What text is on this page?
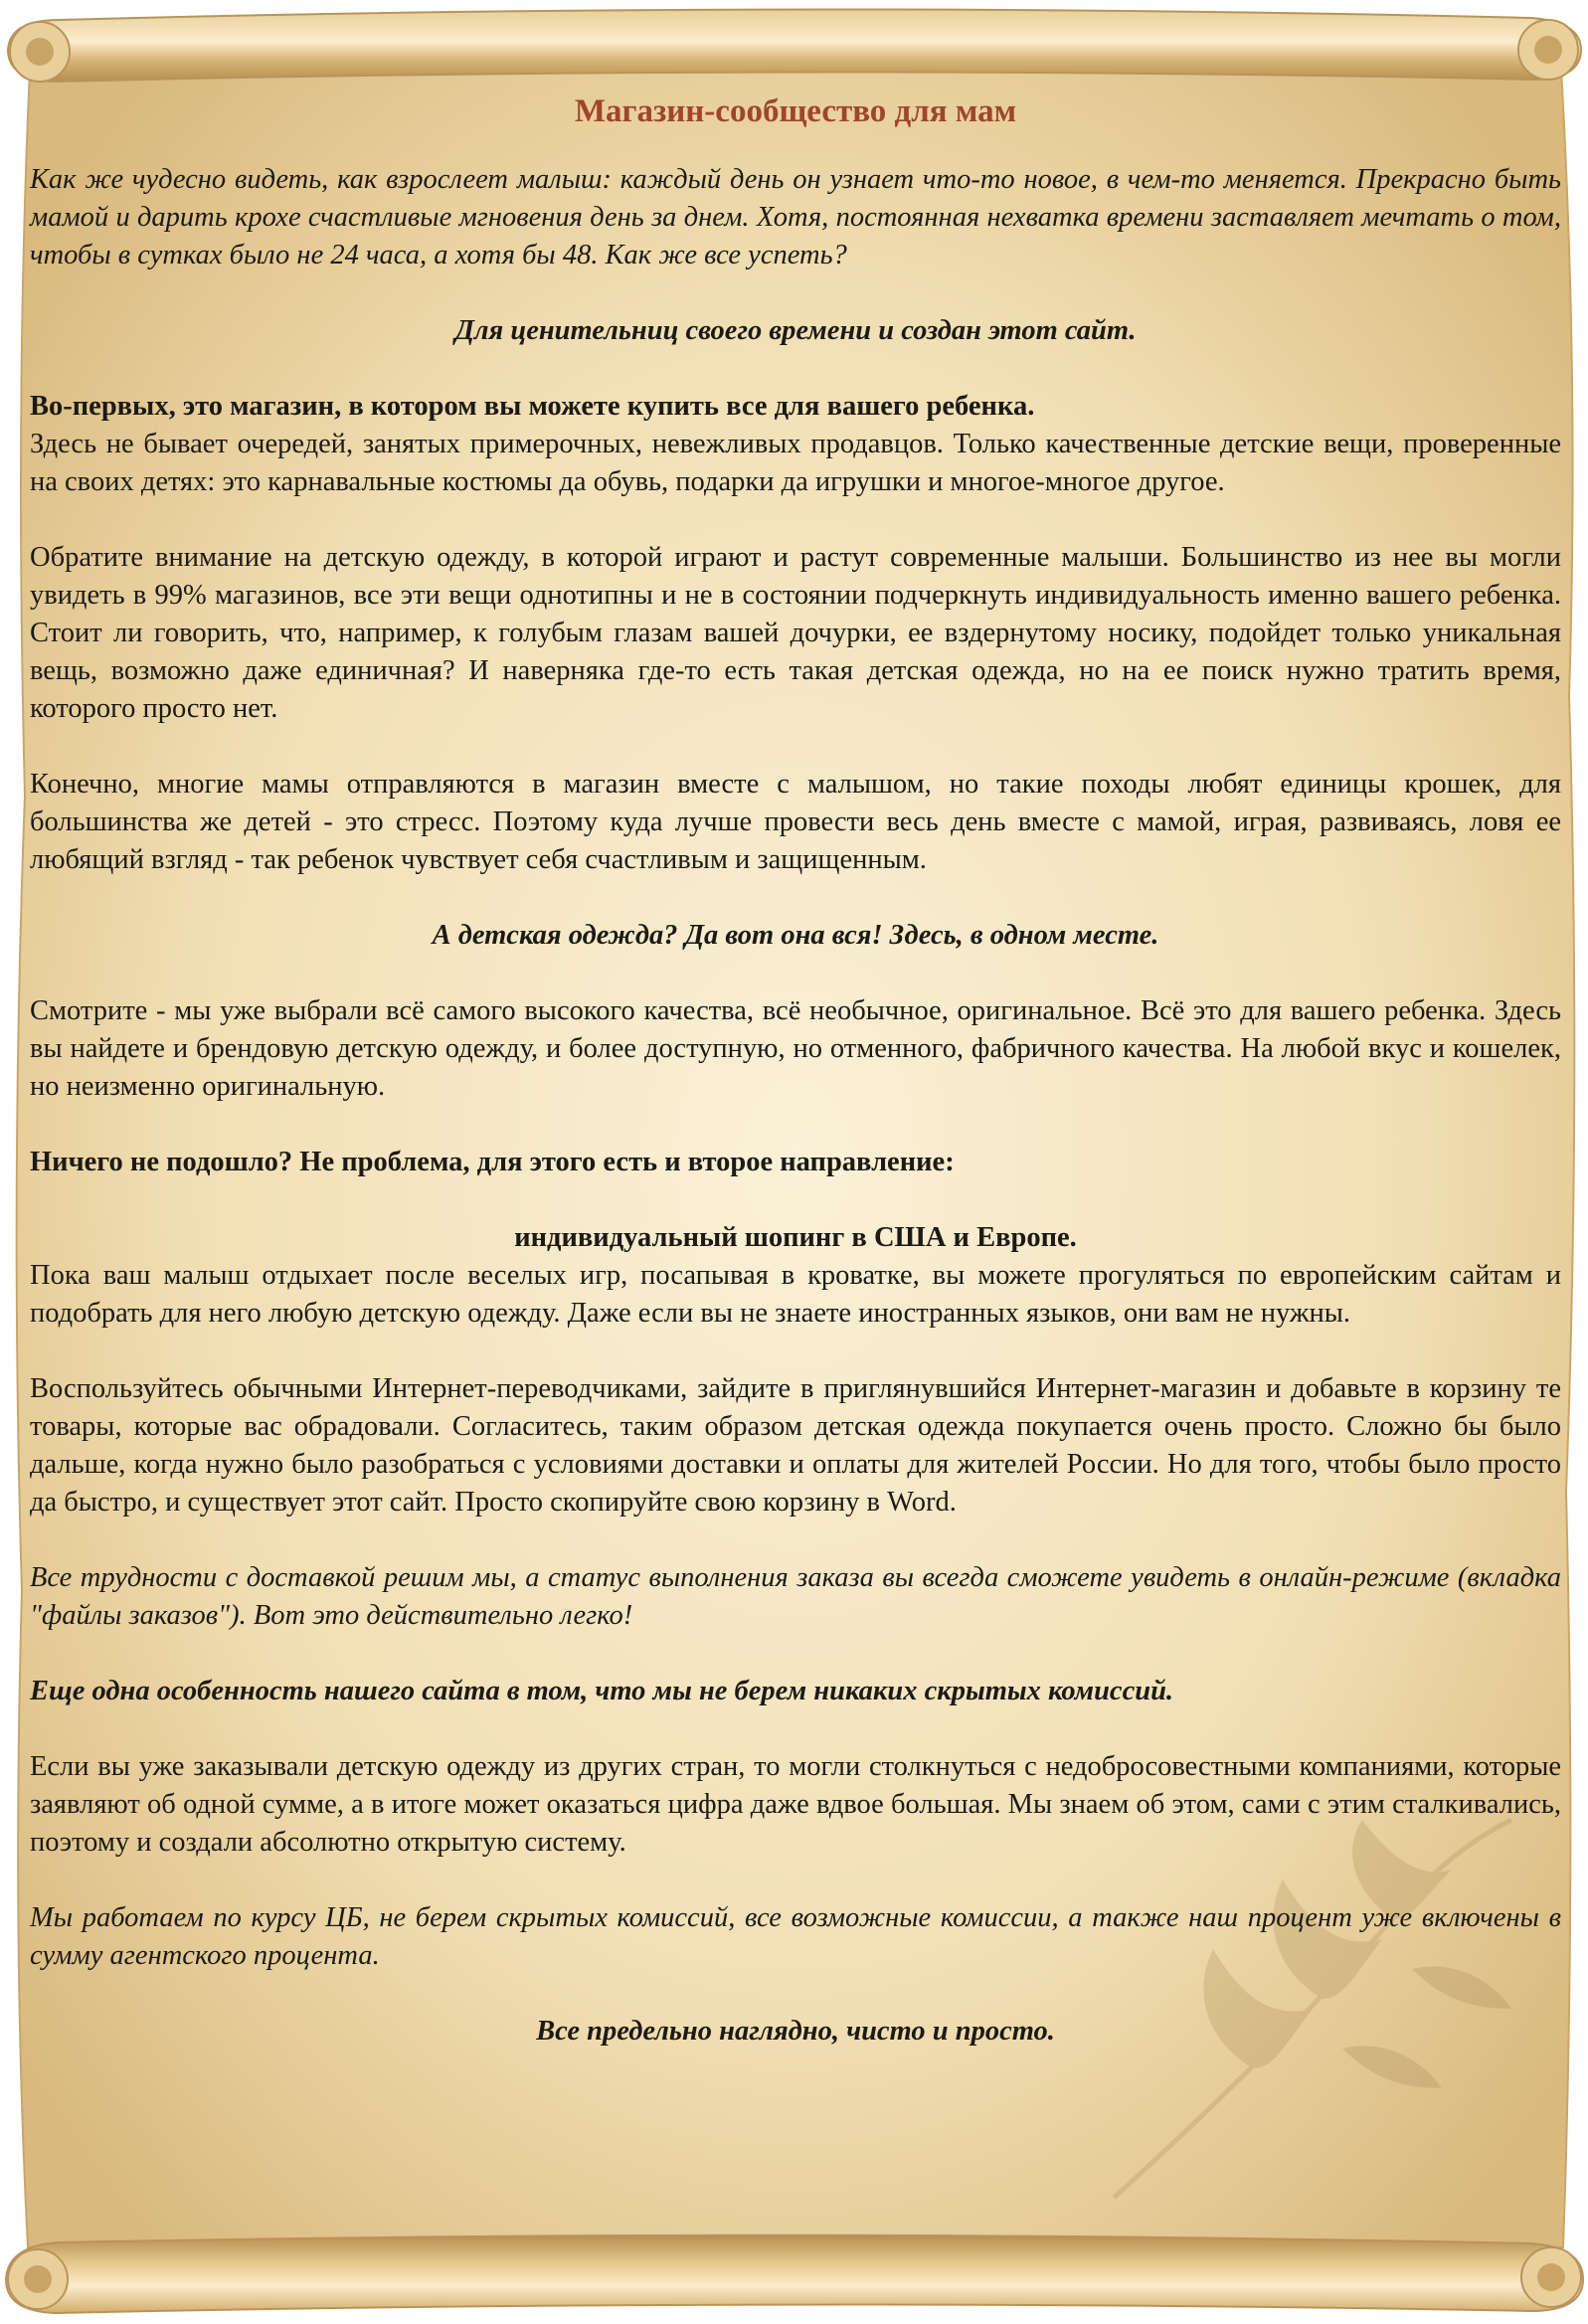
Магазин-сообщество для мам

Как же чудесно видеть, как взрослеет малыш: каждый день он узнает что-то новое, в чем-то меняется. Прекрасно быть мамой и дарить крохе счастливые мгновения день за днем. Хотя, постоянная нехватка времени заставляет мечтать о том, чтобы в сутках было не 24 часа, а хотя бы 48. Как же все успеть?

Для ценительниц своего времени и создан этот сайт.

Во-первых, это магазин, в котором вы можете купить все для вашего ребенка.

Здесь не бывает очередей, занятых примерочных, невежливых продавцов. Только качественные детские вещи, проверенные на своих детях: это карнавальные костюмы да обувь, подарки да игрушки и многое-многое другое.

Обратите внимание на детскую одежду, в которой играют и растут современные малыши. Большинство из нее вы могли увидеть в 99% магазинов, все эти вещи однотипны и не в состоянии подчеркнуть индивидуальность именно вашего ребенка. Стоит ли говорить, что, например, к голубым глазам вашей дочурки, ее вздернутому носику, подойдет только уникальная вещь, возможно даже единичная? И наверняка где-то есть такая детская одежда, но на ее поиск нужно тратить время, которого просто нет.

Конечно, многие мамы отправляются в магазин вместе с малышом, но такие походы любят единицы крошек, для большинства же детей - это стресс. Поэтому куда лучше провести весь день вместе с мамой, играя, развиваясь, ловя ее любящий взгляд - так ребенок чувствует себя счастливым и защищенным.

А детская одежда? Да вот она вся! Здесь, в одном месте.

Смотрите - мы уже выбрали всё самого высокого качества, всё необычное, оригинальное. Всё это для вашего ребенка. Здесь вы найдете и брендовую детскую одежду, и более доступную, но отменного, фабричного качества. На любой вкус и кошелек, но неизменно оригинальную.

Ничего не подошло? Не проблема, для этого есть и второе направление:

индивидуальный шопинг в США и Европе.

Пока ваш малыш отдыхает после веселых игр, посапывая в кроватке, вы можете прогуляться по европейским сайтам и подобрать для него любую детскую одежду. Даже если вы не знаете иностранных языков, они вам не нужны.

Воспользуйтесь обычными Интернет-переводчиками, зайдите в приглянувшийся Интернет-магазин и добавьте в корзину те товары, которые вас обрадовали. Согласитесь, таким образом детская одежда покупается очень просто. Сложно бы было дальше, когда нужно было разобраться с условиями доставки и оплаты для жителей России. Но для того, чтобы было просто да быстро, и существует этот сайт. Просто скопируйте свою корзину в Word.

Все трудности с доставкой решим мы, а статус выполнения заказа вы всегда сможете увидеть в онлайн-режиме (вкладка "файлы заказов"). Вот это действительно легко!

Еще одна особенность нашего сайта в том, что мы не берем никаких скрытых комиссий.

Если вы уже заказывали детскую одежду из других стран, то могли столкнуться с недобросовестными компаниями, которые заявляют об одной сумме, а в итоге может оказаться цифра даже вдвое большая. Мы знаем об этом, сами с этим сталкивались, поэтому и создали абсолютно открытую систему.

Мы работаем по курсу ЦБ, не берем скрытых комиссий, все возможные комиссии, а также наш процент уже включены в сумму агентского процента.

Все предельно наглядно, чисто и просто.
